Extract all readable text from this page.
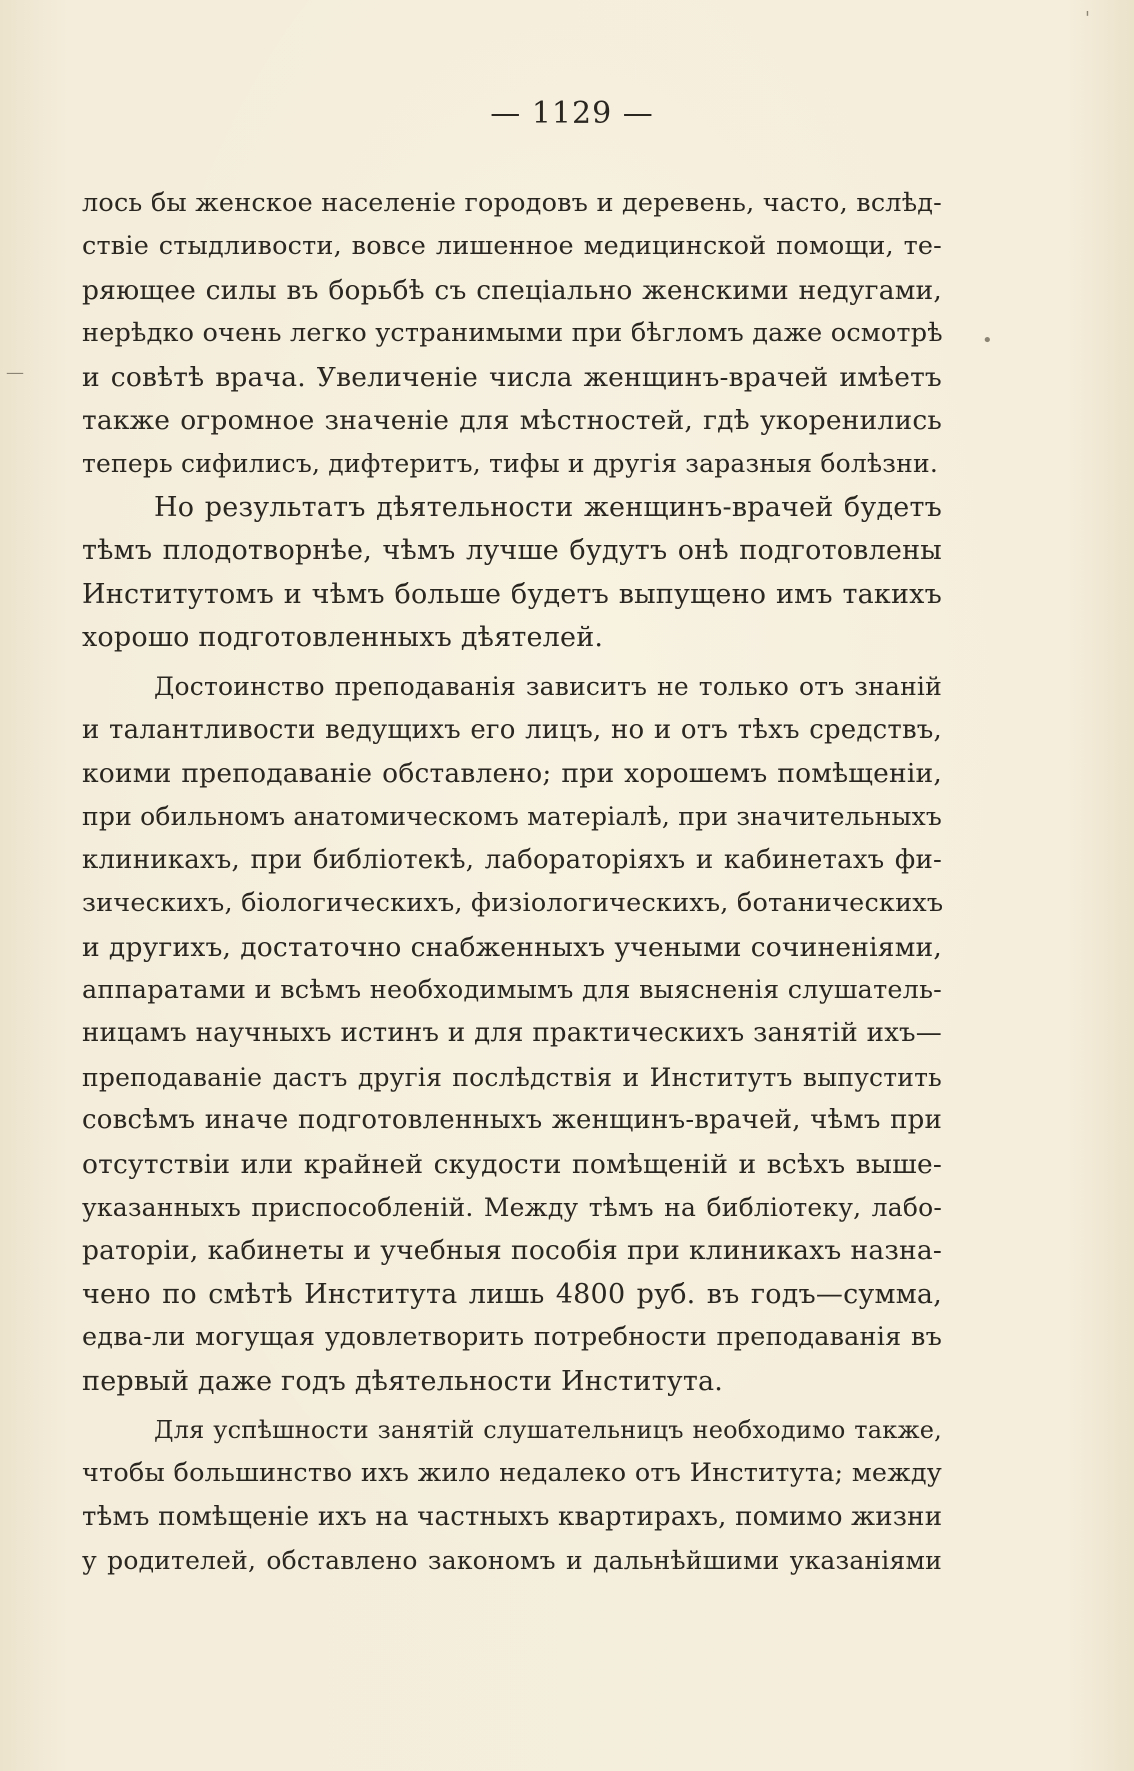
— 1129 —
лось бы женское населеніе городовъ и деревень, часто, вслѣд-
ствіе стыдливости, вовсе лишенное медицинской помощи, те-
ряющее силы въ борьбѣ съ спеціально женскими недугами,
нерѣдко очень легко устранимыми при бѣгломъ даже осмотрѣ
и совѣтѣ врача. Увеличеніе числа женщинъ-врачей имѣетъ
также огромное значеніе для мѣстностей, гдѣ укоренились
теперь сифилисъ, дифтеритъ, тифы и другія заразныя болѣзни.
Но результатъ дѣятельности женщинъ-врачей будетъ
тѣмъ плодотворнѣе, чѣмъ лучше будутъ онѣ подготовлены
Институтомъ и чѣмъ больше будетъ выпущено имъ такихъ
хорошо подготовленныхъ дѣятелей.
Достоинство преподаванія зависитъ не только отъ знаній
и талантливости ведущихъ его лицъ, но и отъ тѣхъ средствъ,
коими преподаваніе обставлено; при хорошемъ помѣщеніи,
при обильномъ анатомическомъ матеріалѣ, при значительныхъ
клиникахъ, при библіотекѣ, лабораторіяхъ и кабинетахъ фи-
зическихъ, біологическихъ, физіологическихъ, ботаническихъ
и другихъ, достаточно снабженныхъ учеными сочиненіями,
аппаратами и всѣмъ необходимымъ для выясненія слушатель-
ницамъ научныхъ истинъ и для практическихъ занятій ихъ—
преподаваніе дастъ другія послѣдствія и Институтъ выпустить
совсѣмъ иначе подготовленныхъ женщинъ-врачей, чѣмъ при
отсутствіи или крайней скудости помѣщеній и всѣхъ выше-
указанныхъ приспособленій. Между тѣмъ на библіотеку, лабо-
раторіи, кабинеты и учебныя пособія при клиникахъ назна-
чено по смѣтѣ Института лишь 4800 руб. въ годъ—сумма,
едва-ли могущая удовлетворить потребности преподаванія въ
первый даже годъ дѣятельности Института.
Для успѣшности занятій слушательницъ необходимо также,
чтобы большинство ихъ жило недалеко отъ Института; между
тѣмъ помѣщеніе ихъ на частныхъ квартирахъ, помимо жизни
у родителей, обставлено закономъ и дальнѣйшими указаніями
'
•
—
